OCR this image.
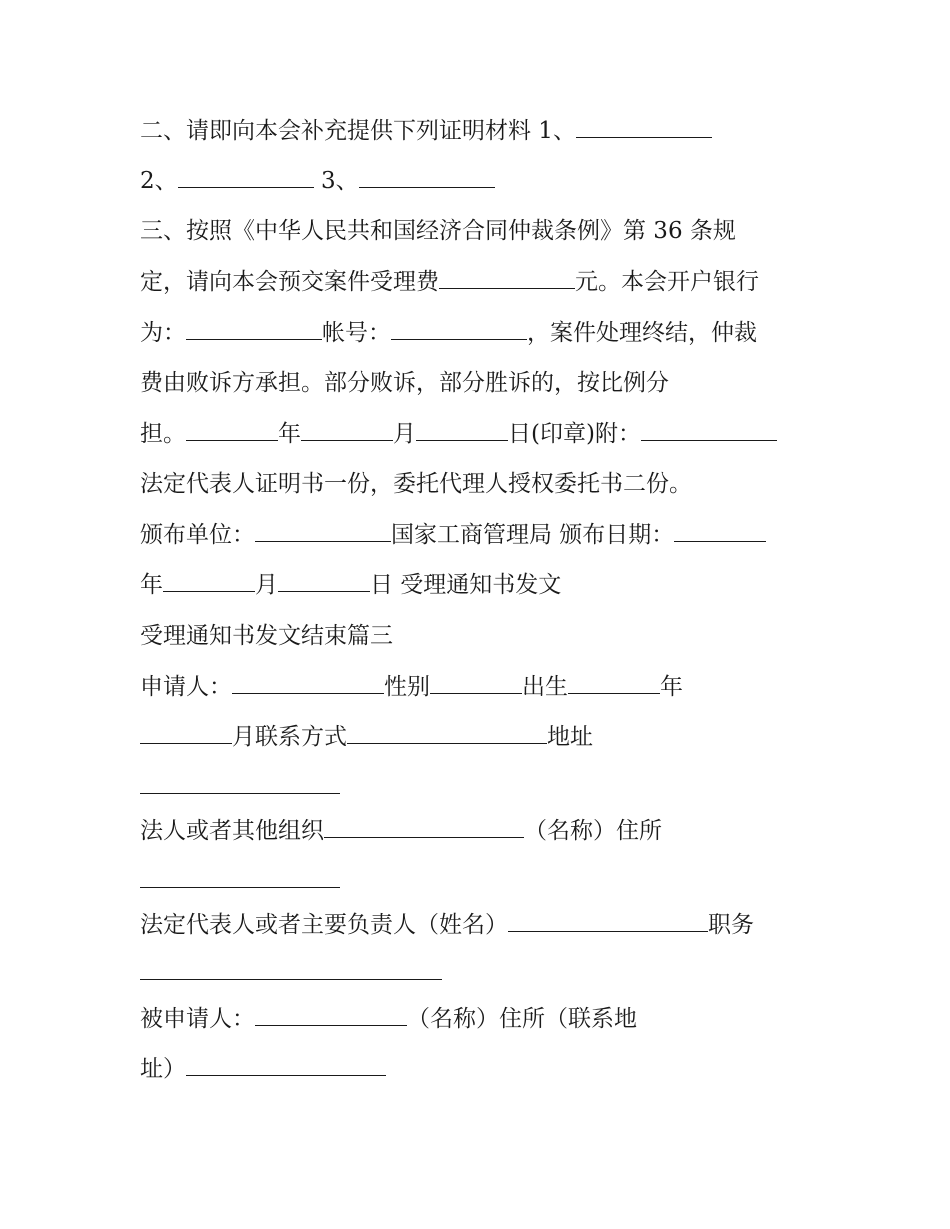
二、请即向本会补充提供下列证明材料 1、
2、	3、
三、按照《中华人民共和国经济合同仲裁条例》第 36 条规
定，请向本会预交案件受理费	元。本会开户银行
为：	帐号：	，案件处理终结，仲裁
费由败诉方承担。部分败诉，部分胜诉的，按比例分
担。	年	月	日(印章)附：
法定代表人证明书一份，委托代理人授权委托书二份。
颁布单位：	国家工商管理局 颁布日期：
年	月	日 受理通知书发文
受理通知书发文结束篇三
申请人：	性别	出生	年
月联系方式	地址
法人或者其他组织	（名称）住所
法定代表人或者主要负责人（姓名）	职务
被申请人：	（名称）住所（联系地
址）
